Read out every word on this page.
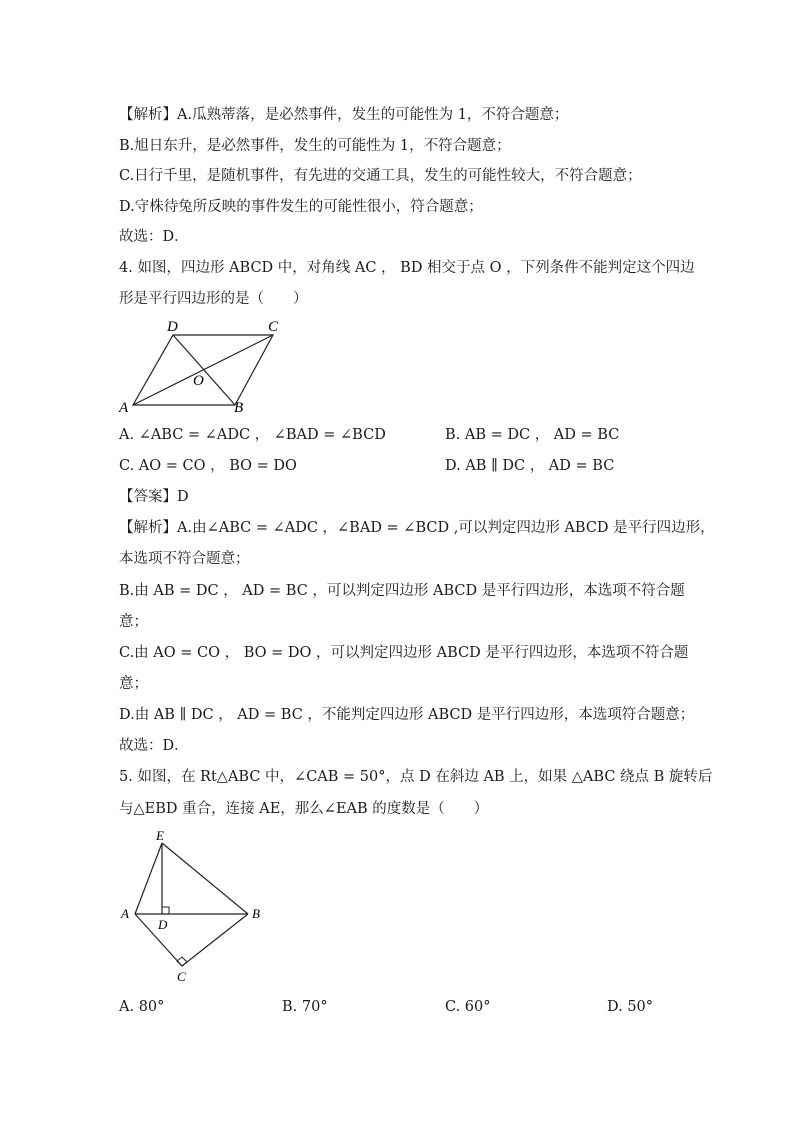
【解析】A.瓜熟蒂落，是必然事件，发生的可能性为 1，不符合题意；
B.旭日东升，是必然事件，发生的可能性为 1，不符合题意；
C.日行千里，是随机事件，有先进的交通工具，发生的可能性较大，不符合题意；
D.守株待兔所反映的事件发生的可能性很小，符合题意；
故选：D．
4. 如图，四边形 ABCD 中，对角线 AC ， BD 相交于点 O ，下列条件不能判定这个四边
形是平行四边形的是（　　）
D	C
O
A	B
A. ∠ABC = ∠ADC ， ∠BAD = ∠BCD	B. AB = DC ， AD = BC
C. AO = CO ， BO = DO	D. AB ∥ DC ， AD = BC
【答案】D
【解析】A.由∠ABC = ∠ADC ，∠BAD = ∠BCD ,可以判定四边形 ABCD 是平行四边形，
本选项不符合题意；
B.由 AB = DC ， AD = BC ，可以判定四边形 ABCD 是平行四边形，本选项不符合题
意；
C.由 AO = CO ， BO = DO ，可以判定四边形 ABCD 是平行四边形，本选项不符合题
意；
D.由 AB ∥ DC ， AD = BC ，不能判定四边形 ABCD 是平行四边形，本选项符合题意；
故选：D．
5. 如图，在 Rt△ABC 中，∠CAB = 50°，点 D 在斜边 AB 上，如果 △ABC 绕点 B 旋转后
与△EBD 重合，连接 AE，那么∠EAB 的度数是（　　）
E
A	B
D
C
A. 80°	B. 70°	C. 60°	D. 50°
